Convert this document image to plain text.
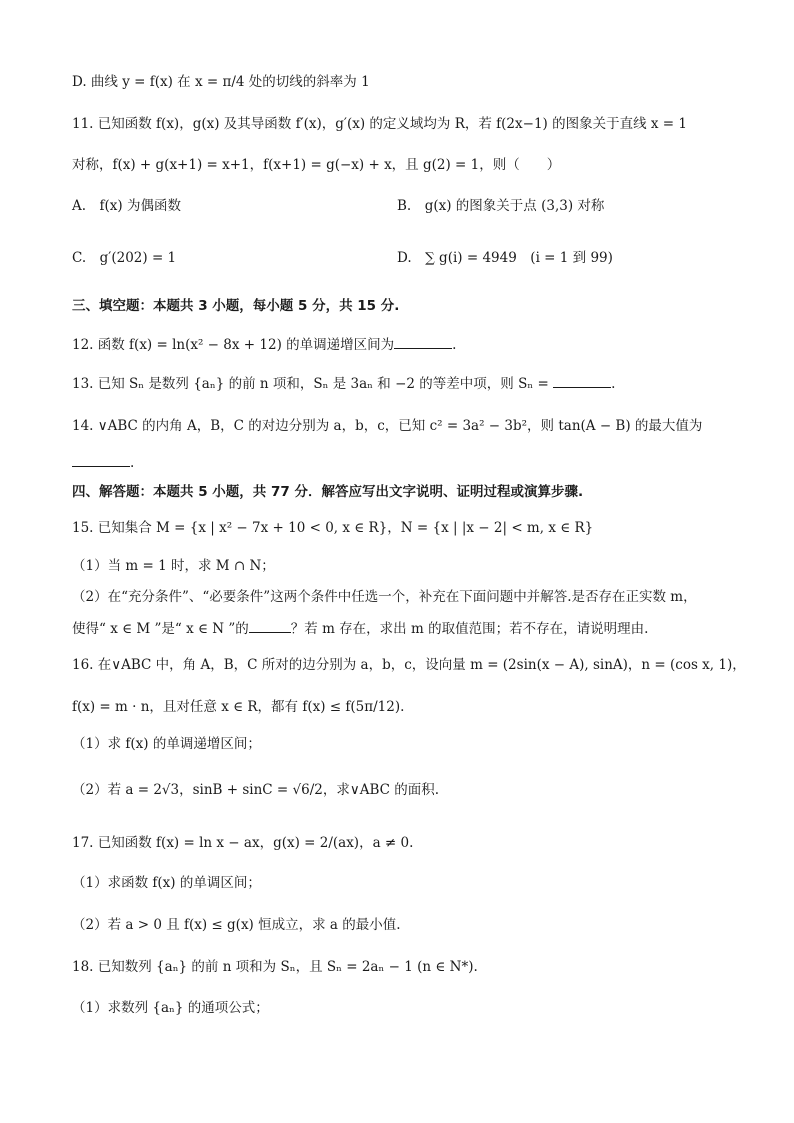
D. 曲线 y = f(x) 在 x = π/4 处的切线的斜率为 1
11. 已知函数 f(x)，g(x) 及其导函数 f′(x)，g′(x) 的定义域均为 R，若 f(2x−1) 的图象关于直线 x = 1
对称，f(x) + g(x+1) = x+1，f(x+1) = g(−x) + x，且 g(2) = 1，则（　　）
A.　f(x) 为偶函数	B.　g(x) 的图象关于点 (3,3) 对称
C.　g′(202) = 1	D.　∑ g(i) = 4949　(i = 1 到 99)
三、填空题：本题共 3 小题，每小题 5 分，共 15 分.
12. 函数 f(x) = ln(x² − 8x + 12) 的单调递增区间为	.
13. 已知 Sₙ 是数列 {aₙ} 的前 n 项和，Sₙ 是 3aₙ 和 −2 的等差中项，则 Sₙ =	.
14. ∨ABC 的内角 A，B，C 的对边分别为 a，b，c，已知 c² = 3a² − 3b²，则 tan(A − B) 的最大值为
.
四、解答题：本题共 5 小题，共 77 分．解答应写出文字说明、证明过程或演算步骤.
15. 已知集合 M = {x | x² − 7x + 10 < 0, x ∈ R}，N = {x | |x − 2| < m, x ∈ R}
（1）当 m = 1 时，求 M ∩ N；
（2）在“充分条件”、“必要条件”这两个条件中任选一个，补充在下面问题中并解答.是否存在正实数 m，
使得“ x ∈ M ”是“ x ∈ N ”的	？若 m 存在，求出 m 的取值范围；若不存在，请说明理由.
16. 在∨ABC 中，角 A，B，C 所对的边分别为 a，b，c，设向量 m = (2sin(x − A), sinA)，n = (cos x, 1)，
f(x) = m · n，且对任意 x ∈ R，都有 f(x) ≤ f(5π/12).
（1）求 f(x) 的单调递增区间；
（2）若 a = 2√3，sinB + sinC = √6/2，求∨ABC 的面积.
17. 已知函数 f(x) = ln x − ax，g(x) = 2/(ax)，a ≠ 0.
（1）求函数 f(x) 的单调区间；
（2）若 a > 0 且 f(x) ≤ g(x) 恒成立，求 a 的最小值.
18. 已知数列 {aₙ} 的前 n 项和为 Sₙ，且 Sₙ = 2aₙ − 1 (n ∈ N*).
（1）求数列 {aₙ} 的通项公式；
